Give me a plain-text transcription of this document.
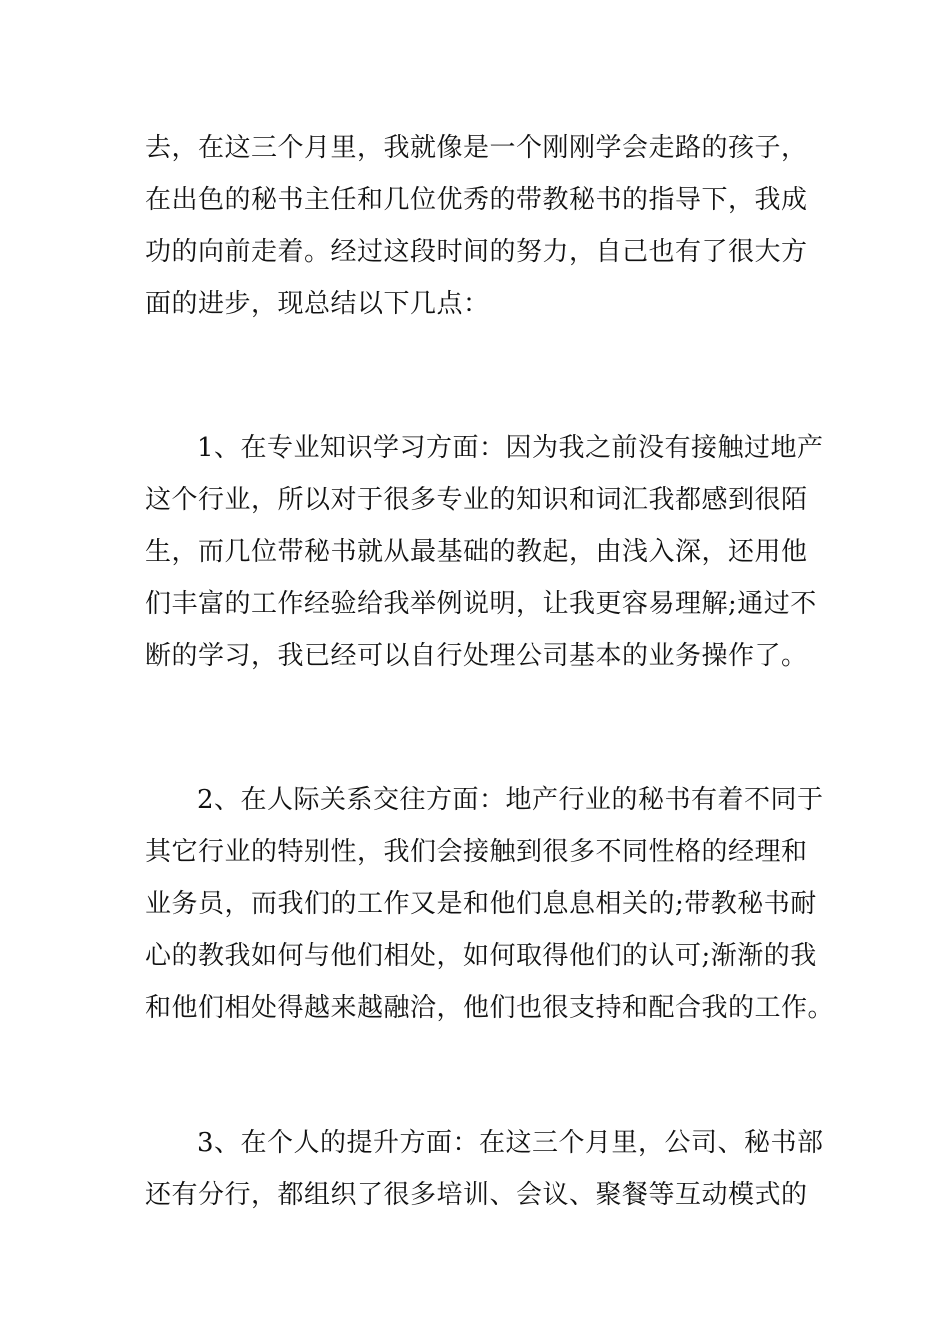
去，在这三个月里，我就像是一个刚刚学会走路的孩子，
在出色的秘书主任和几位优秀的带教秘书的指导下，我成
功的向前走着。经过这段时间的努力，自己也有了很大方
面的进步，现总结以下几点：
1、在专业知识学习方面：因为我之前没有接触过地产
这个行业，所以对于很多专业的知识和词汇我都感到很陌
生，而几位带秘书就从最基础的教起，由浅入深，还用他
们丰富的工作经验给我举例说明，让我更容易理解;通过不
断的学习，我已经可以自行处理公司基本的业务操作了。
2、在人际关系交往方面：地产行业的秘书有着不同于
其它行业的特别性，我们会接触到很多不同性格的经理和
业务员，而我们的工作又是和他们息息相关的;带教秘书耐
心的教我如何与他们相处，如何取得他们的认可;渐渐的我
和他们相处得越来越融洽，他们也很支持和配合我的工作。
3、在个人的提升方面：在这三个月里，公司、秘书部
还有分行，都组织了很多培训、会议、聚餐等互动模式的
